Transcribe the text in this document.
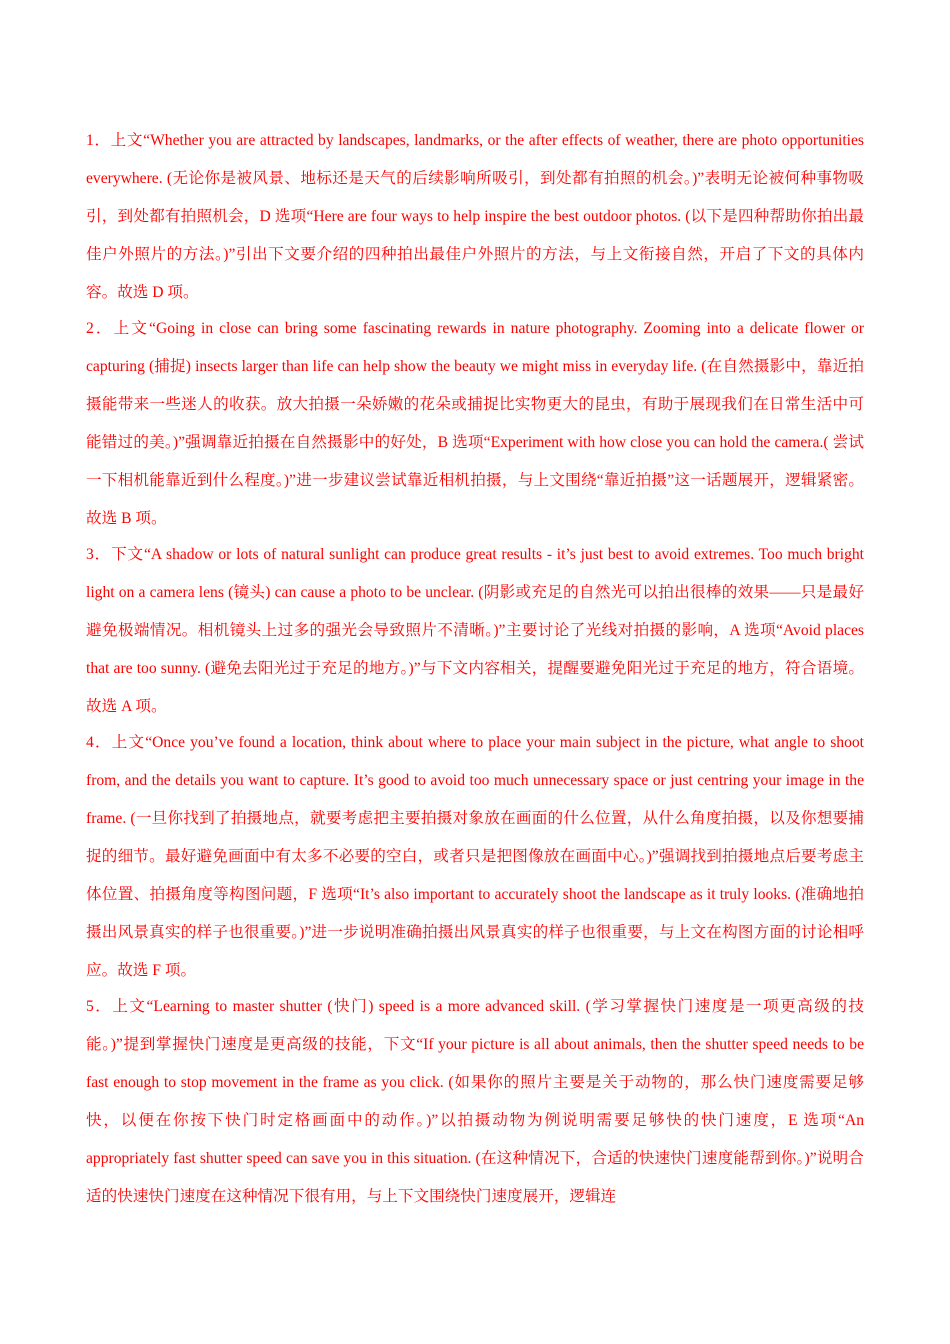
1．上文“Whether you are attracted by landscapes, landmarks, or the after effects of weather, there are photo opportunities everywhere. (无论你是被风景、地标还是天气的后续影响所吸引，到处都有拍照的机会。)”表明无论被何种事物吸引，到处都有拍照机会，D 选项“Here are four ways to help inspire the best outdoor photos. (以下是四种帮助你拍出最佳户外照片的方法。)”引出下文要介绍的四种拍出最佳户外照片的方法，与上文衔接自然，开启了下文的具体内容。故选 D 项。

2．上文“Going in close can bring some fascinating rewards in nature photography. Zooming into a delicate flower or capturing (捕捉) insects larger than life can help show the beauty we might miss in everyday life. (在自然摄影中，靠近拍摄能带来一些迷人的收获。放大拍摄一朵娇嫩的花朵或捕捉比实物更大的昆虫，有助于展现我们在日常生活中可能错过的美。)”强调靠近拍摄在自然摄影中的好处，B 选项“Experiment with how close you can hold the camera.( 尝试一下相机能靠近到什么程度。)”进一步建议尝试靠近相机拍摄，与上文围绕“靠近拍摄”这一话题展开，逻辑紧密。故选 B 项。

3．下文“A shadow or lots of natural sunlight can produce great results - it’s just best to avoid extremes. Too much bright light on a camera lens (镜头) can cause a photo to be unclear. (阴影或充足的自然光可以拍出很棒的效果——只是最好避免极端情况。相机镜头上过多的强光会导致照片不清晰。)”主要讨论了光线对拍摄的影响，A 选项“Avoid places that are too sunny. (避免去阳光过于充足的地方。)”与下文内容相关，提醒要避免阳光过于充足的地方，符合语境。故选 A 项。

4．上文“Once you’ve found a location, think about where to place your main subject in the picture, what angle to shoot from, and the details you want to capture. It’s good to avoid too much unnecessary space or just centring your image in the frame. (一旦你找到了拍摄地点，就要考虑把主要拍摄对象放在画面的什么位置，从什么角度拍摄，以及你想要捕捉的细节。最好避免画面中有太多不必要的空白，或者只是把图像放在画面中心。)”强调找到拍摄地点后要考虑主体位置、拍摄角度等构图问题，F 选项“It’s also important to accurately shoot the landscape as it truly looks. (准确地拍摄出风景真实的样子也很重要。)”进一步说明准确拍摄出风景真实的样子也很重要，与上文在构图方面的讨论相呼应。故选 F 项。

5．上文“Learning to master shutter (快门) speed is a more advanced skill. (学习掌握快门速度是一项更高级的技能。)”提到掌握快门速度是更高级的技能，下文“If your picture is all about animals, then the shutter speed needs to be fast enough to stop movement in the frame as you click. (如果你的照片主要是关于动物的，那么快门速度需要足够快，以便在你按下快门时定格画面中的动作。)”以拍摄动物为例说明需要足够快的快门速度，E 选项“An appropriately fast shutter speed can save you in this situation. (在这种情况下，合适的快速快门速度能帮到你。)”说明合适的快速快门速度在这种情况下很有用，与上下文围绕快门速度展开，逻辑连
